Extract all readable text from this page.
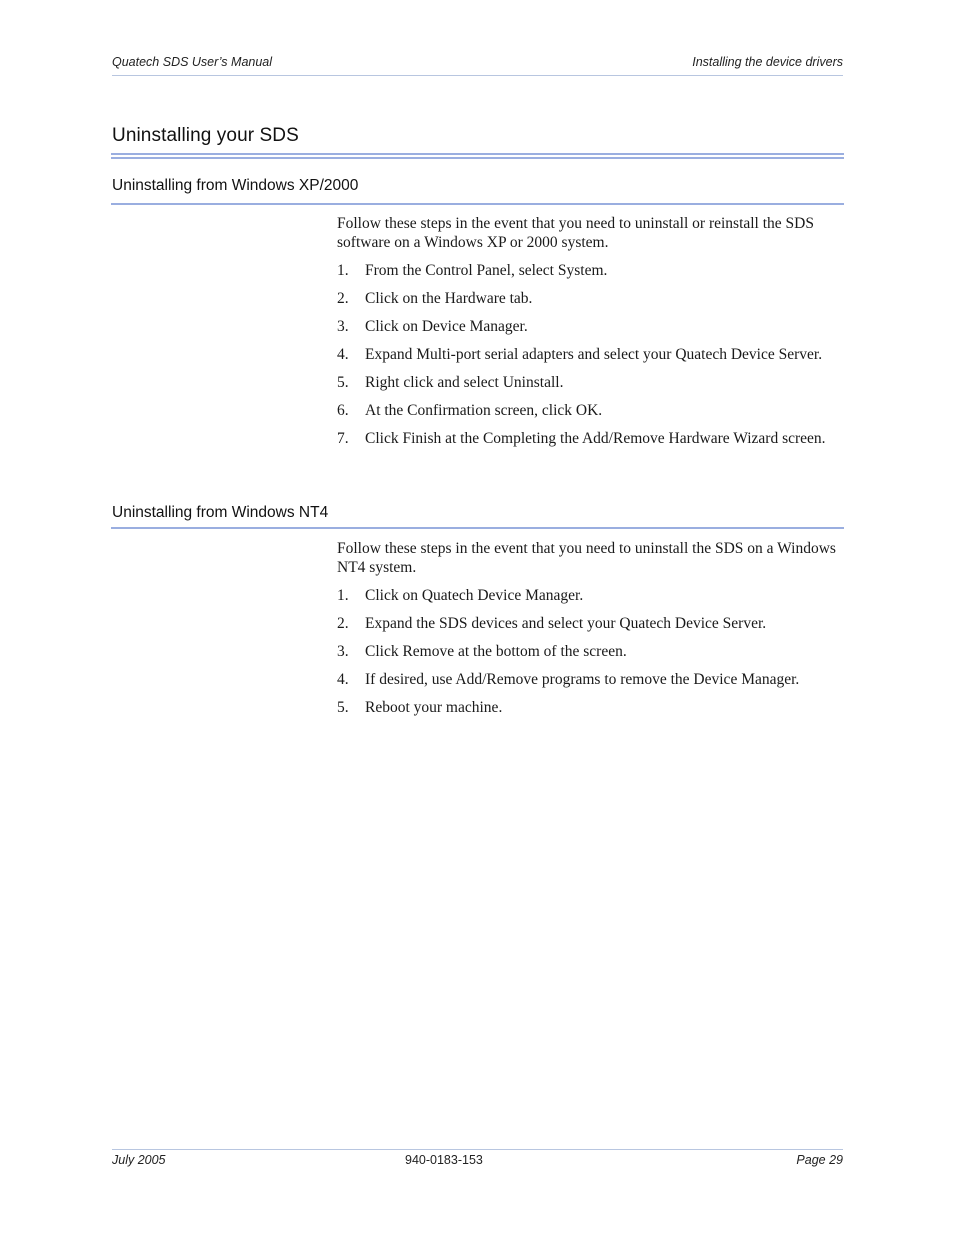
Quatech SDS User’s Manual	Installing the device drivers
Uninstalling your SDS
Uninstalling from Windows XP/2000

Follow these steps in the event that you need to uninstall or reinstall the SDS software on a Windows XP or 2000 system.

1. From the Control Panel, select System.
2. Click on the Hardware tab.
3. Click on Device Manager.
4. Expand Multi-port serial adapters and select your Quatech Device Server.
5. Right click and select Uninstall.
6. At the Confirmation screen, click OK.
7. Click Finish at the Completing the Add/Remove Hardware Wizard screen.
Uninstalling from Windows NT4

Follow these steps in the event that you need to uninstall the SDS on a Windows NT4 system.

1. Click on Quatech Device Manager.
2. Expand the SDS devices and select your Quatech Device Server.
3. Click Remove at the bottom of the screen.
4. If desired, use Add/Remove programs to remove the Device Manager.
5. Reboot your machine.
July 2005	940-0183-153	Page 29
